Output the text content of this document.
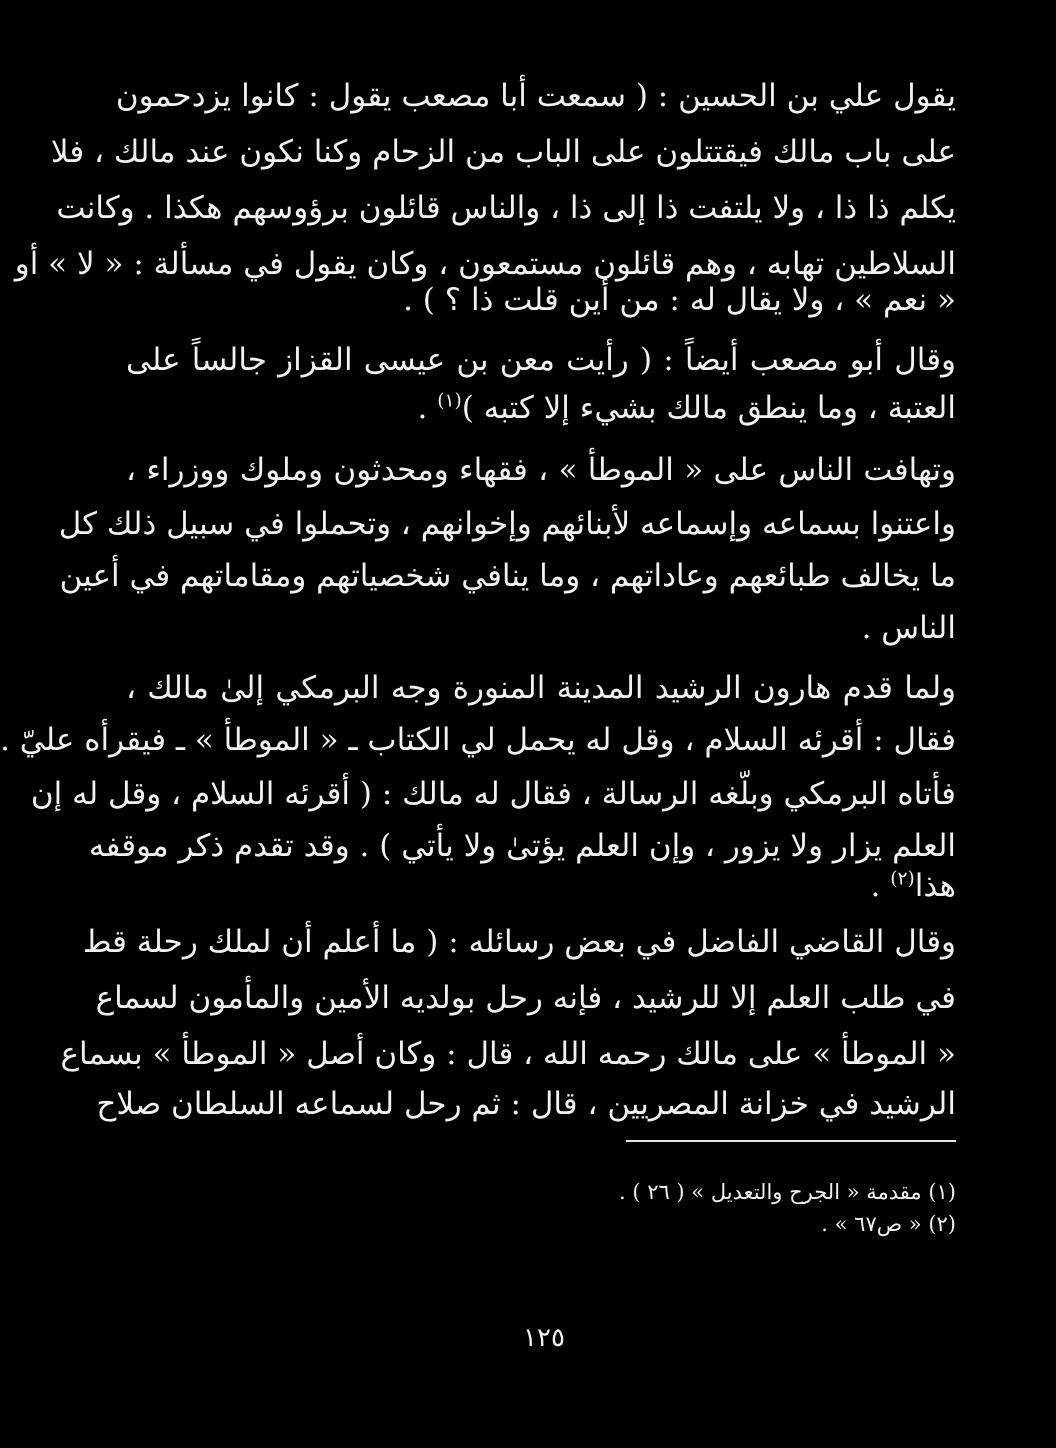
يقول علي بن الحسين : ( سمعت أبا مصعب يقول : كانوا يزدحمون
على باب مالك فيقتتلون على الباب من الزحام وكنا نكون عند مالك ، فلا
يكلم ذا ذا ، ولا يلتفت ذا إلى ذا ، والناس قائلون برؤوسهم هكذا . وكانت
السلاطين تهابه ، وهم قائلون مستمعون ، وكان يقول في مسألة : « لا » أو
« نعم » ، ولا يقال له : من أين قلت ذا ؟ ) .
وقال أبو مصعب أيضاً : ( رأيت معن بن عيسى القزاز جالساً على
العتبة ، وما ينطق مالك بشيء إلا كتبه )$^{(١)}$ .
وتهافت الناس على « الموطأ » ، فقهاء ومحدثون وملوك ووزراء ،
واعتنوا بسماعه وإسماعه لأبنائهم وإخوانهم ، وتحملوا في سبيل ذلك كل
ما يخالف طبائعهم وعاداتهم ، وما ينافي شخصياتهم ومقاماتهم في أعين
الناس .
ولما قدم هارون الرشيد المدينة المنورة وجه البرمكي إلىٰ مالك ،
فقال : أقرئه السلام ، وقل له يحمل لي الكتاب ـ « الموطأ » ـ فيقرأه عليّ .
فأتاه البرمكي وبلّغه الرسالة ، فقال له مالك : ( أقرئه السلام ، وقل له إن
العلم يزار ولا يزور ، وإن العلم يؤتىٰ ولا يأتي ) . وقد تقدم ذكر موقفه
هذا$^{(٢)}$ .
وقال القاضي الفاضل في بعض رسائله : ( ما أعلم أن لملك رحلة قط
في طلب العلم إلا للرشيد ، فإنه رحل بولديه الأمين والمأمون لسماع
« الموطأ » على مالك رحمه الله ، قال : وكان أصل « الموطأ » بسماع
الرشيد في خزانة المصريين ، قال : ثم رحل لسماعه السلطان صلاح
(١) مقدمة « الجرح والتعديل » ( ٢٦ ) .
(٢) « ص٦٧ » .
١٢٥
